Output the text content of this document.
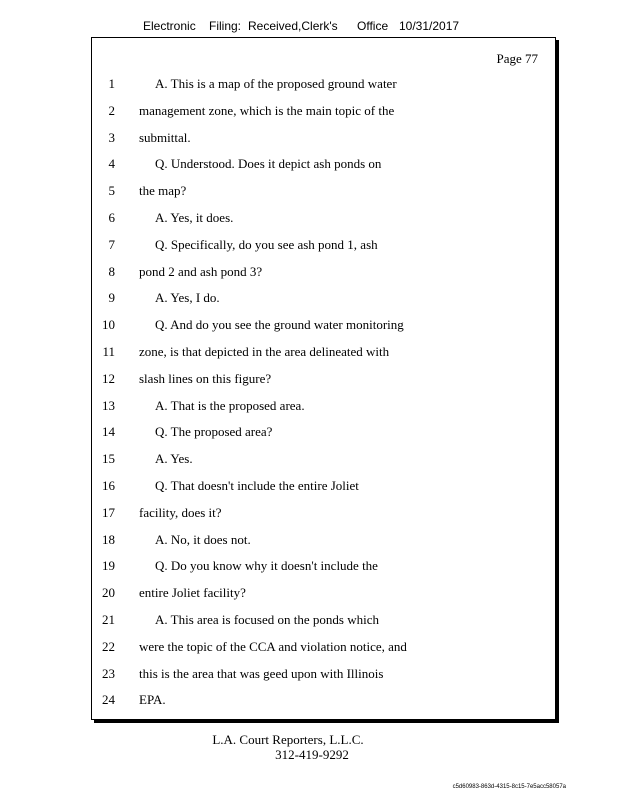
Electronic Filing: Received,Clerk's Office 10/31/2017
Page 77
1	A. This is a map of the proposed ground water
2 management zone, which is the main topic of the
3 submittal.
4	Q. Understood. Does it depict ash ponds on
5 the map?
6	A. Yes, it does.
7	Q. Specifically, do you see ash pond 1, ash
8 pond 2 and ash pond 3?
9	A. Yes, I do.
10	Q. And do you see the ground water monitoring
11 zone, is that depicted in the area delineated with
12 slash lines on this figure?
13	A. That is the proposed area.
14	Q. The proposed area?
15	A. Yes.
16	Q. That doesn't include the entire Joliet
17 facility, does it?
18	A. No, it does not.
19	Q. Do you know why it doesn't include the
20 entire Joliet facility?
21	A. This area is focused on the ponds which
22 were the topic of the CCA and violation notice, and
23 this is the area that was geed upon with Illinois
24 EPA.
L.A. Court Reporters, L.L.C.
312-419-9292
c5d60983-863d-4315-8c15-7e5acc58057a
